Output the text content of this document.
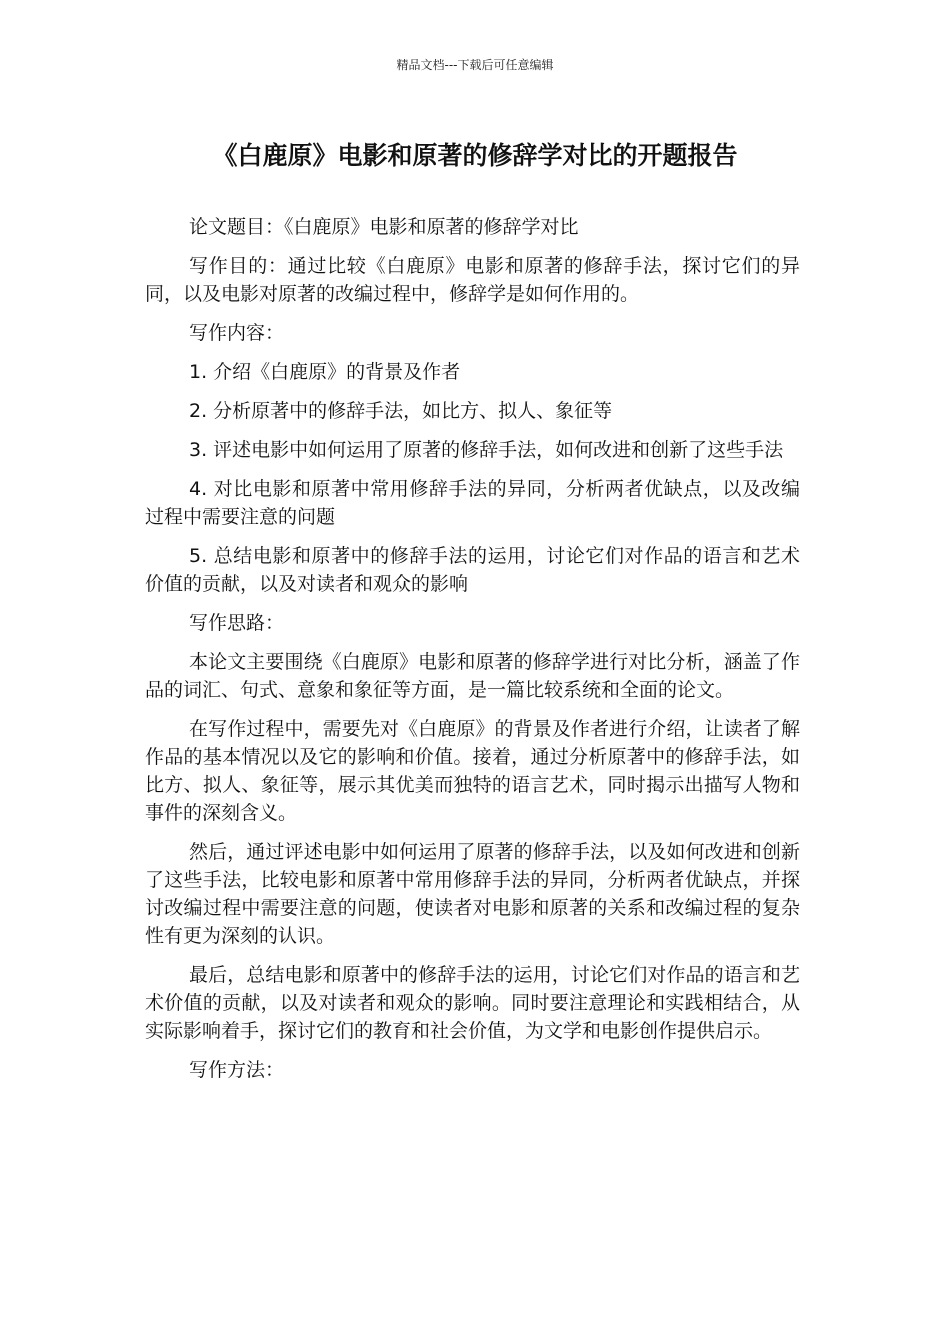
精品文档---下载后可任意编辑
《白鹿原》电影和原著的修辞学对比的开题报告

论文题目：《白鹿原》电影和原著的修辞学对比

写作目的：通过比较《白鹿原》电影和原著的修辞手法，探讨它们的异同，以及电影对原著的改编过程中，修辞学是如何作用的。

写作内容：

1. 介绍《白鹿原》的背景及作者

2. 分析原著中的修辞手法，如比方、拟人、象征等

3. 评述电影中如何运用了原著的修辞手法，如何改进和创新了这些手法

4. 对比电影和原著中常用修辞手法的异同，分析两者优缺点，以及改编过程中需要注意的问题

5. 总结电影和原著中的修辞手法的运用，讨论它们对作品的语言和艺术价值的贡献，以及对读者和观众的影响

写作思路：

本论文主要围绕《白鹿原》电影和原著的修辞学进行对比分析，涵盖了作品的词汇、句式、意象和象征等方面，是一篇比较系统和全面的论文。

在写作过程中，需要先对《白鹿原》的背景及作者进行介绍，让读者了解作品的基本情况以及它的影响和价值。接着，通过分析原著中的修辞手法，如比方、拟人、象征等，展示其优美而独特的语言艺术，同时揭示出描写人物和事件的深刻含义。

然后，通过评述电影中如何运用了原著的修辞手法，以及如何改进和创新了这些手法，比较电影和原著中常用修辞手法的异同，分析两者优缺点，并探讨改编过程中需要注意的问题，使读者对电影和原著的关系和改编过程的复杂性有更为深刻的认识。

最后，总结电影和原著中的修辞手法的运用，讨论它们对作品的语言和艺术价值的贡献，以及对读者和观众的影响。同时要注意理论和实践相结合，从实际影响着手，探讨它们的教育和社会价值，为文学和电影创作提供启示。

写作方法：
